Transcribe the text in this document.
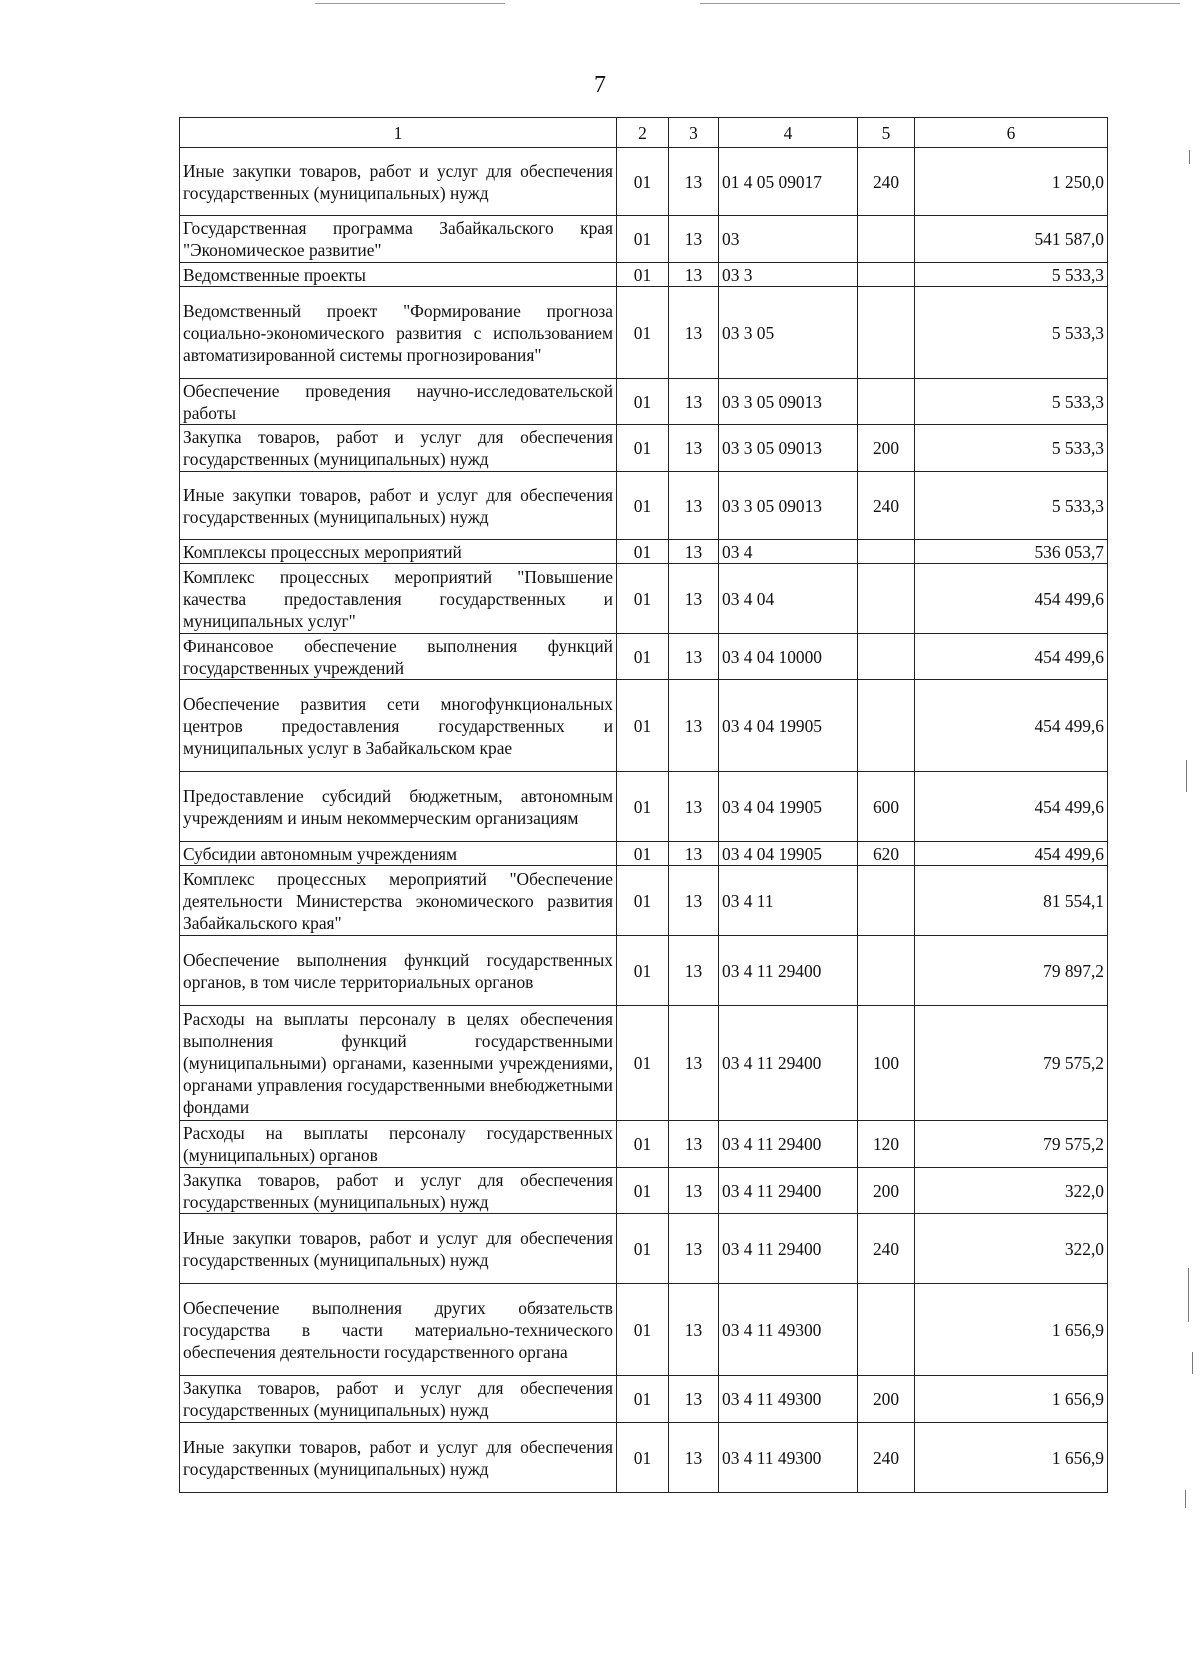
7
1	2	3	4	5	6
Иные закупки товаров, работ и услуг для обеспечения государственных (муниципальных) нужд	01	13	01 4 05 09017	240	1 250,0
Государственная программа Забайкальского края "Экономическое развитие"	01	13	03		541 587,0
Ведомственные проекты	01	13	03 3		5 533,3
Ведомственный проект "Формирование прогноза социально-экономического развития с использованием автоматизированной системы прогнозирования"	01	13	03 3 05		5 533,3
Обеспечение проведения научно-исследовательской работы	01	13	03 3 05 09013		5 533,3
Закупка товаров, работ и услуг для обеспечения государственных (муниципальных) нужд	01	13	03 3 05 09013	200	5 533,3
Иные закупки товаров, работ и услуг для обеспечения государственных (муниципальных) нужд	01	13	03 3 05 09013	240	5 533,3
Комплексы процессных мероприятий	01	13	03 4		536 053,7
Комплекс процессных мероприятий "Повышение качества предоставления государственных и муниципальных услуг"	01	13	03 4 04		454 499,6
Финансовое обеспечение выполнения функций государственных учреждений	01	13	03 4 04 10000		454 499,6
Обеспечение развития сети многофункциональных центров предоставления государственных и муниципальных услуг в Забайкальском крае	01	13	03 4 04 19905		454 499,6
Предоставление субсидий бюджетным, автономным учреждениям и иным некоммерческим организациям	01	13	03 4 04 19905	600	454 499,6
Субсидии автономным учреждениям	01	13	03 4 04 19905	620	454 499,6
Комплекс процессных мероприятий "Обеспечение деятельности Министерства экономического развития Забайкальского края"	01	13	03 4 11		81 554,1
Обеспечение выполнения функций государственных органов, в том числе территориальных органов	01	13	03 4 11 29400		79 897,2
Расходы на выплаты персоналу в целях обеспечения выполнения функций государственными (муниципальными) органами, казенными учреждениями, органами управления государственными внебюджетными фондами	01	13	03 4 11 29400	100	79 575,2
Расходы на выплаты персоналу государственных (муниципальных) органов	01	13	03 4 11 29400	120	79 575,2
Закупка товаров, работ и услуг для обеспечения государственных (муниципальных) нужд	01	13	03 4 11 29400	200	322,0
Иные закупки товаров, работ и услуг для обеспечения государственных (муниципальных) нужд	01	13	03 4 11 29400	240	322,0
Обеспечение выполнения других обязательств государства в части материально-технического обеспечения деятельности государственного органа	01	13	03 4 11 49300		1 656,9
Закупка товаров, работ и услуг для обеспечения государственных (муниципальных) нужд	01	13	03 4 11 49300	200	1 656,9
Иные закупки товаров, работ и услуг для обеспечения государственных (муниципальных) нужд	01	13	03 4 11 49300	240	1 656,9
